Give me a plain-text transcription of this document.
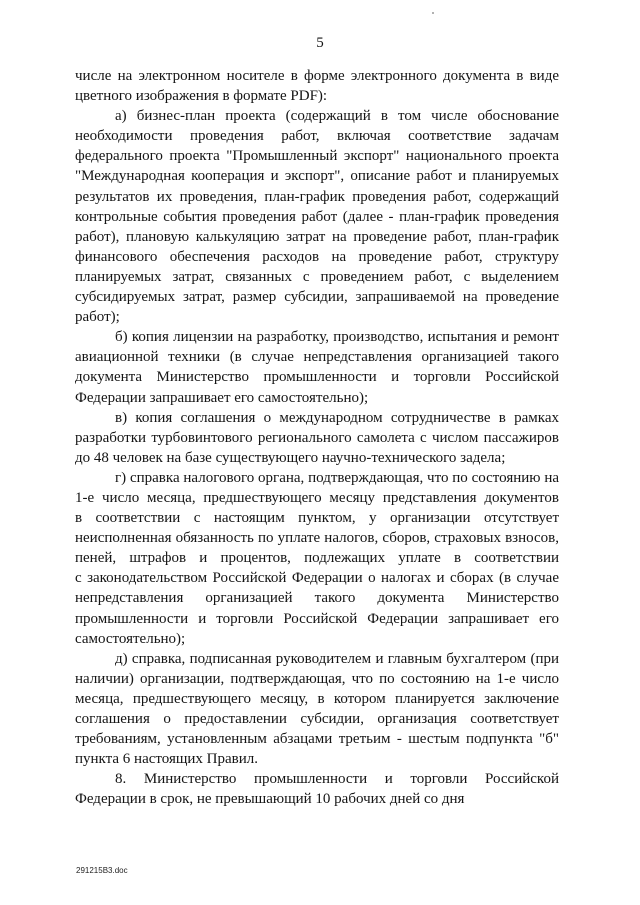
5
числе на электронном носителе в форме электронного документа в виде
цветного изображения в формате PDF):
а) бизнес-план проекта (содержащий в том числе обоснование
необходимости проведения работ, включая соответствие задачам
федерального проекта "Промышленный экспорт" национального проекта
"Международная кооперация и экспорт", описание работ и планируемых
результатов их проведения, план-график проведения работ, содержащий
контрольные события проведения работ (далее - план-график проведения
работ), плановую калькуляцию затрат на проведение работ, план-график
финансового обеспечения расходов на проведение работ, структуру
планируемых затрат, связанных с проведением работ, с выделением
субсидируемых затрат, размер субсидии, запрашиваемой на проведение
работ);
б) копия лицензии на разработку, производство, испытания и ремонт
авиационной техники (в случае непредставления организацией такого
документа Министерство промышленности и торговли Российской
Федерации запрашивает его самостоятельно);
в) копия соглашения о международном сотрудничестве в рамках
разработки турбовинтового регионального самолета с числом пассажиров
до 48 человек на базе существующего научно-технического задела;
г) справка налогового органа, подтверждающая, что по состоянию на
1-е число месяца, предшествующего месяцу представления документов
в соответствии с настоящим пунктом, у организации отсутствует
неисполненная обязанность по уплате налогов, сборов, страховых взносов,
пеней, штрафов и процентов, подлежащих уплате в соответствии
с законодательством Российской Федерации о налогах и сборах (в случае
непредставления организацией такого документа Министерство
промышленности и торговли Российской Федерации запрашивает его
самостоятельно);
д) справка, подписанная руководителем и главным бухгалтером (при
наличии) организации, подтверждающая, что по состоянию на 1-е число
месяца, предшествующего месяцу, в котором планируется заключение
соглашения о предоставлении субсидии, организация соответствует
требованиям, установленным абзацами третьим - шестым подпункта "б"
пункта 6 настоящих Правил.
8. Министерство промышленности и торговли Российской
Федерации в срок, не превышающий 10 рабочих дней со дня
291215В3.doc
